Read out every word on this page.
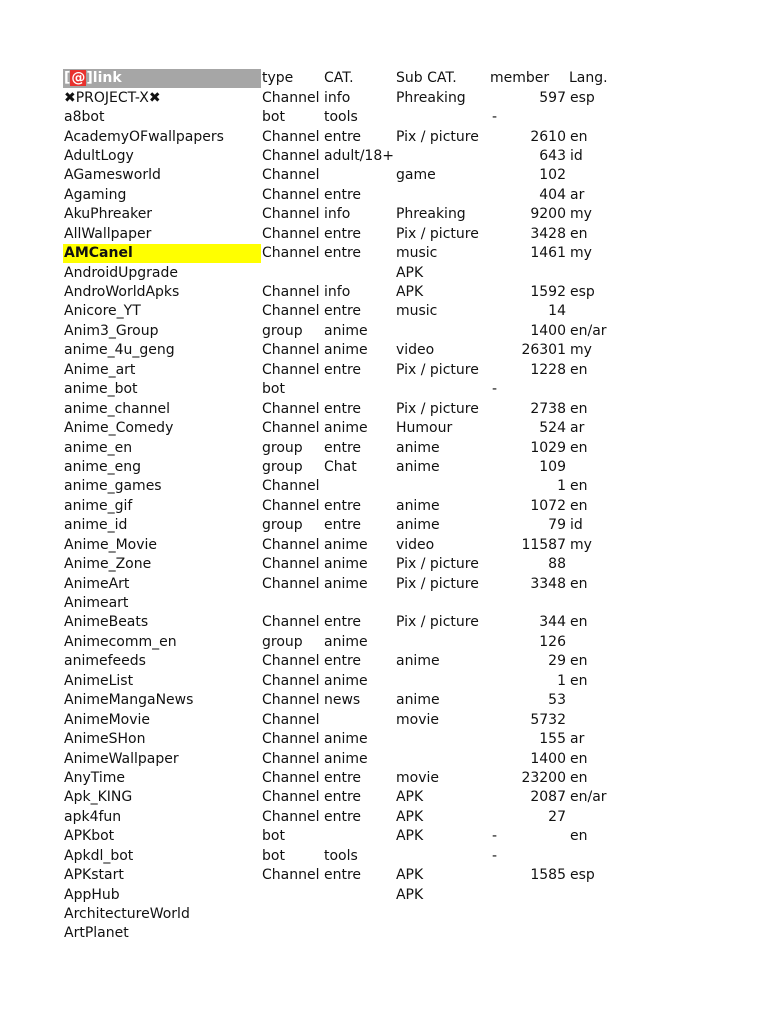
[@]link	type	CAT.	Sub CAT.	member	Lang.
✖PROJECT-X✖	Channel	info	Phreaking	597	esp
a8bot	bot	tools		-	
AcademyOFwallpapers	Channel	entre	Pix / picture	2610	en
AdultLogy	Channel	adult/18+		643	id
AGamesworld	Channel		game	102	
Agaming	Channel	entre		404	ar
AkuPhreaker	Channel	info	Phreaking	9200	my
AllWallpaper	Channel	entre	Pix / picture	3428	en
AMCanel	Channel	entre	music	1461	my
AndroidUpgrade			APK		
AndroWorldApks	Channel	info	APK	1592	esp
Anicore_YT	Channel	entre	music	14	
Anim3_Group	group	anime		1400	en/ar
anime_4u_geng	Channel	anime	video	26301	my
Anime_art	Channel	entre	Pix / picture	1228	en
anime_bot	bot			-	
anime_channel	Channel	entre	Pix / picture	2738	en
Anime_Comedy	Channel	anime	Humour	524	ar
anime_en	group	entre	anime	1029	en
anime_eng	group	Chat	anime	109	
anime_games	Channel			1	en
anime_gif	Channel	entre	anime	1072	en
anime_id	group	entre	anime	79	id
Anime_Movie	Channel	anime	video	11587	my
Anime_Zone	Channel	anime	Pix / picture	88	
AnimeArt	Channel	anime	Pix / picture	3348	en
Animeart					
AnimeBeats	Channel	entre	Pix / picture	344	en
Animecomm_en	group	anime		126	
animefeeds	Channel	entre	anime	29	en
AnimeList	Channel	anime		1	en
AnimeMangaNews	Channel	news	anime	53	
AnimeMovie	Channel		movie	5732	
AnimeSHon	Channel	anime		155	ar
AnimeWallpaper	Channel	anime		1400	en
AnyTime	Channel	entre	movie	23200	en
Apk_KING	Channel	entre	APK	2087	en/ar
apk4fun	Channel	entre	APK	27	
APKbot	bot		APK	-	en
Apkdl_bot	bot	tools		-	
APKstart	Channel	entre	APK	1585	esp
AppHub			APK		
ArchitectureWorld					
ArtPlanet					
